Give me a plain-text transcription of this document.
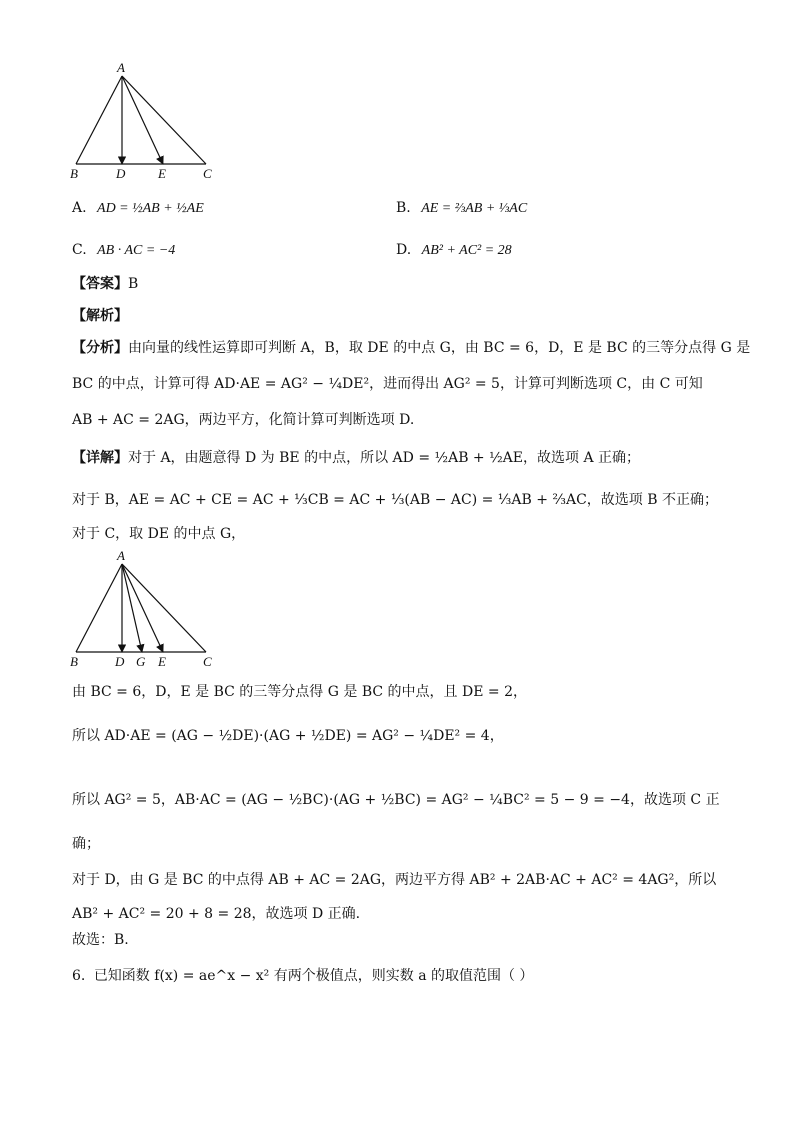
A
B	D	E	C
A. AD = ½AB + ½AE	B. AE = ⅔AB + ⅓AC
C. AB · AC = −4	D. AB² + AC² = 28
【答案】B
【解析】
【分析】由向量的线性运算即可判断 A，B，取 DE 的中点 G，由 BC = 6，D，E 是 BC 的三等分点得 G 是
BC 的中点，计算可得 AD·AE = AG² − ¼DE²，进而得出 AG² = 5，计算可判断选项 C，由 C 可知
AB + AC = 2AG，两边平方，化简计算可判断选项 D.
【详解】对于 A，由题意得 D 为 BE 的中点，所以 AD = ½AB + ½AE，故选项 A 正确；
对于 B，AE = AC + CE = AC + ⅓CB = AC + ⅓(AB − AC) = ⅓AB + ⅔AC，故选项 B 不正确；
对于 C，取 DE 的中点 G，
A
B	D G E	C
由 BC = 6，D，E 是 BC 的三等分点得 G 是 BC 的中点，且 DE = 2，
所以 AD·AE = (AG − ½DE)·(AG + ½DE) = AG² − ¼DE² = 4，
所以 AG² = 5，AB·AC = (AG − ½BC)·(AG + ½BC) = AG² − ¼BC² = 5 − 9 = −4，故选项 C 正
确；
对于 D，由 G 是 BC 的中点得 AB + AC = 2AG，两边平方得 AB² + 2AB·AC + AC² = 4AG²，所以
AB² + AC² = 20 + 8 = 28，故选项 D 正确.
故选：B.
6. 已知函数 f(x) = ae^x − x² 有两个极值点，则实数 a 的取值范围（ ）
